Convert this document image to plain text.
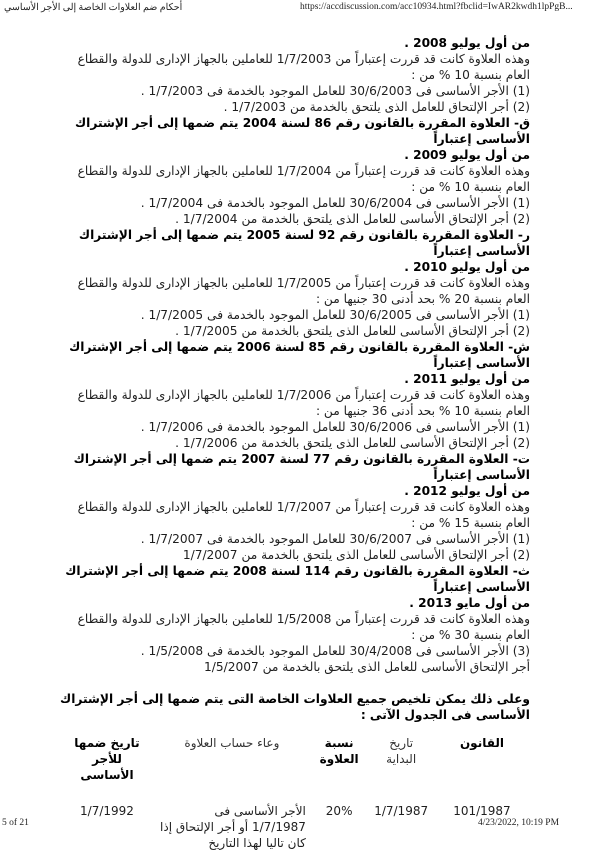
أحكام ضم العلاوات الخاصة إلى الأجر الأساسي	https://accdiscussion.com/acc10934.html?fbclid=IwAR2kwdh1lpPgB...

من أول يوليو 2008 .

وهذه العلاوة كانت قد قررت إعتباراً من 1/7/2003 للعاملين بالجهاز الإدارى للدولة والقطاع

العام بنسبة 10 % من :

(1) الأجر الأساسى فى 30/6/2003 للعامل الموجود بالخدمة فى 1/7/2003 .

(2) أجر الإلتحاق للعامل الذى يلتحق بالخدمة من 1/7/2003 .

ق- العلاوة المقررة بالقانون رقم 86 لسنة 2004 يتم ضمها إلى أجر الإشتراك الأساسى إعتباراً

من أول يوليو 2009 .

وهذه العلاوة كانت قد قررت إعتباراً من 1/7/2004 للعاملين بالجهاز الإدارى للدولة والقطاع

العام بنسبة 10 % من :

(1) الأجر الأساسى فى 30/6/2004 للعامل الموجود بالخدمة فى 1/7/2004 .

(2) أجر الإلتحاق الأساسى للعامل الذى يلتحق بالخدمة من 1/7/2004 .

ر- العلاوة المقررة بالقانون رقم 92 لسنة 2005 يتم ضمها إلى أجر الإشتراك الأساسى إعتباراً

من أول يوليو 2010 .

وهذه العلاوة كانت قد قررت إعتباراً من 1/7/2005 للعاملين بالجهاز الإدارى للدولة والقطاع

العام بنسبة 20 % بحد أدنى 30 جنيها من :

(1) الأجر الأساسى فى 30/6/2005 للعامل الموجود بالخدمة فى 1/7/2005 .

(2) أجر الإلتحاق الأساسى للعامل الذى يلتحق بالخدمة من 1/7/2005 .

ش- العلاوة المقررة بالقانون رقم 85 لسنة 2006 يتم ضمها إلى أجر الإشتراك الأساسى إعتباراً

من أول يوليو 2011 .

وهذه العلاوة كانت قد قررت إعتباراً من 1/7/2006 للعاملين بالجهاز الإدارى للدولة والقطاع

العام بنسبة 10 % بحد أدنى 36 جنيها من :

(1) الأجر الأساسى فى 30/6/2006 للعامل الموجود بالخدمة فى 1/7/2006 .

(2) أجر الإلتحاق الأساسى للعامل الذى يلتحق بالخدمة من 1/7/2006 .

ت- العلاوة المقررة بالقانون رقم 77 لسنة 2007 يتم ضمها إلى أجر الإشتراك الأساسى إعتباراً

من أول يوليو 2012 .

وهذه العلاوة كانت قد قررت إعتباراً من 1/7/2007 للعاملين بالجهاز الإدارى للدولة والقطاع

العام بنسبة 15 % من :

(1) الأجر الأساسى فى 30/6/2007 للعامل الموجود بالخدمة فى 1/7/2007 .

(2) أجر الإلتحاق الأساسى للعامل الذى يلتحق بالخدمة من 1/7/2007

ث- العلاوة المقررة بالقانون رقم 114 لسنة 2008 يتم ضمها إلى أجر الإشتراك الأساسى إعتباراً

من أول مايو 2013 .

وهذه العلاوة كانت قد قررت إعتباراً من 1/5/2008 للعاملين بالجهاز الإدارى للدولة والقطاع

العام بنسبة 30 % من :

(3) الأجر الأساسى فى 30/4/2008 للعامل الموجود بالخدمة فى 1/5/2008 .

أجر الإلتحاق الأساسى للعامل الذى يلتحق بالخدمة من 1/5/2007

وعلى ذلك يمكن تلخيص جميع العلاوات الخاصة التى يتم ضمها إلى أجر الإشتراك الأساسى فى الجدول الآتى :

القانون	تاريخ البداية	نسبة العلاوة	وعاء حساب العلاوة	تاريخ ضمها للأجر الأساسى
101/1987	1/7/1987	20%	الأجر الأساسى فى 1/7/1987 أو أجر الإلتحاق إذا كان تاليا لهذا التاريخ	1/7/1992
5 of 21	4/23/2022, 10:19 PM
